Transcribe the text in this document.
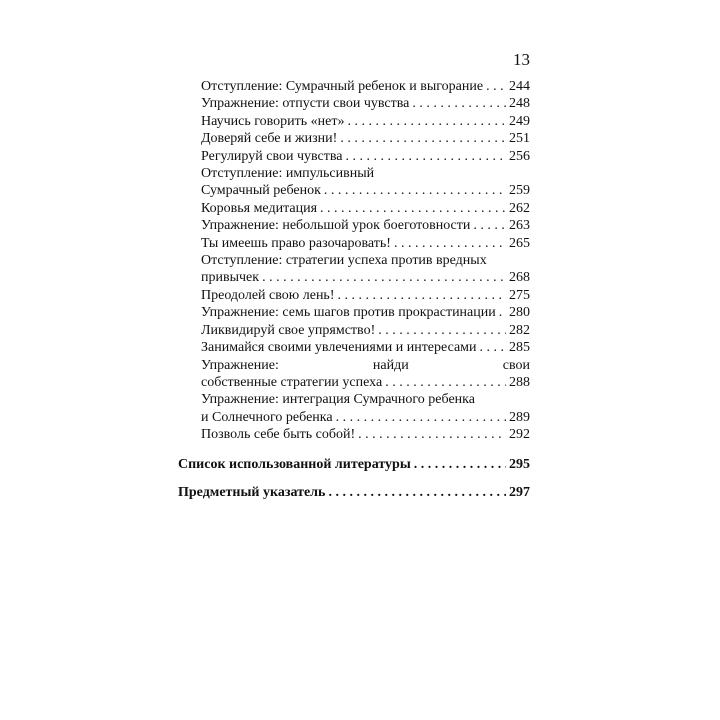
13
Отступление: Сумрачный ребенок и выгорание . . . 244
Упражнение: отпусти свои чувства . . .	248
Научись говорить «нет» . . .	249
Доверяй себе и жизни! . . .	251
Регулируй свои чувства . . .	256
Отступление: импульсивный
Сумрачный ребенок . . .	259
Коровья медитация . . .	262
Упражнение: небольшой урок боеготовности . . .	263
Ты имеешь право разочаровать! . . .	265
Отступление: стратегии успеха против вредных
привычек . . .	268
Преодолей свою лень! . . .	275
Упражнение: семь шагов против прокрастинации . . . 280
Ликвидируй свое упрямство! . . .	282
Занимайся своими увлечениями и интересами . . . 285
Упражнение:	найди	свои
собственные стратегии успеха . . .	288
Упражнение: интеграция Сумрачного ребенка
и Солнечного ребенка . . .	289
Позволь себе быть собой! . . .	292
Список использованной литературы . . .	295
Предметный указатель . . .	297
